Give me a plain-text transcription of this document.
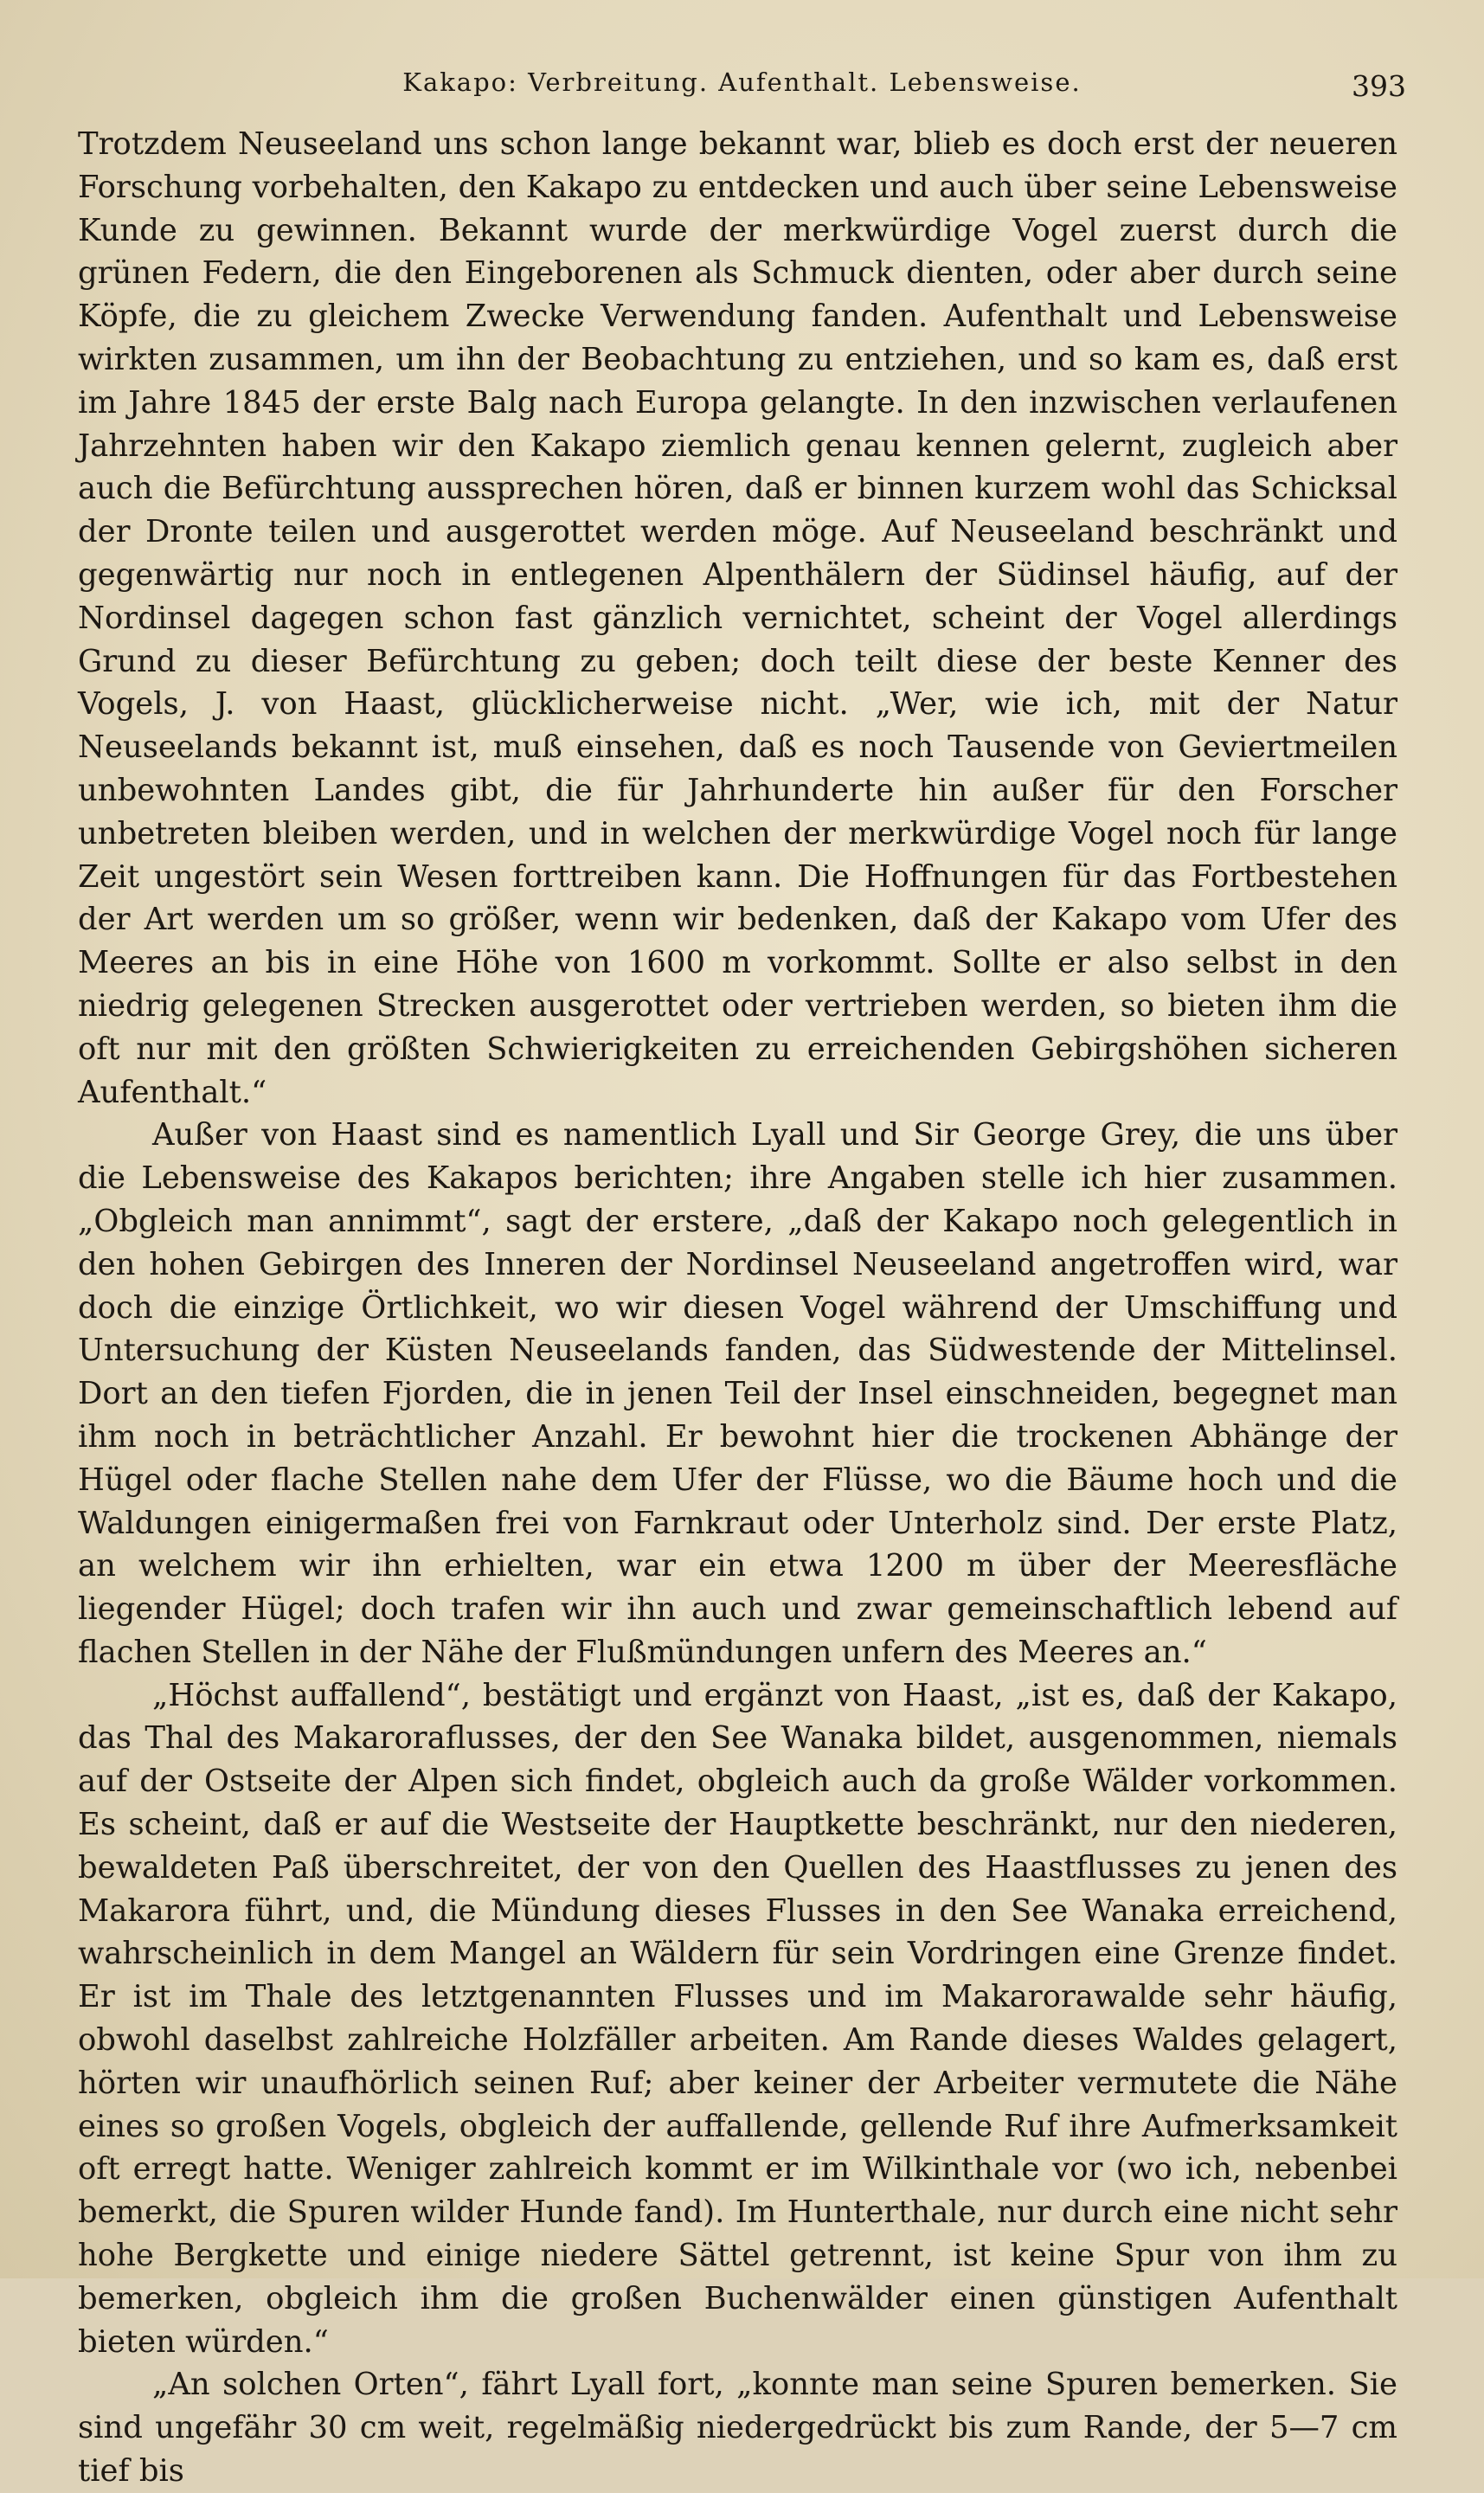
Kakapo: Verbreitung. Aufenthalt. Lebensweise.	393

Trotzdem Neuseeland uns schon lange bekannt war, blieb es doch erst der neueren Forschung vorbehalten, den Kakapo zu entdecken und auch über seine Lebensweise Kunde zu gewinnen. Bekannt wurde der merkwürdige Vogel zuerst durch die grünen Federn, die den Eingeborenen als Schmuck dienten, oder aber durch seine Köpfe, die zu gleichem Zwecke Verwendung fanden. Aufenthalt und Lebensweise wirkten zusammen, um ihn der Beobachtung zu entziehen, und so kam es, daß erst im Jahre 1845 der erste Balg nach Europa gelangte. In den inzwischen verlaufenen Jahrzehnten haben wir den Kakapo ziemlich genau kennen gelernt, zugleich aber auch die Befürchtung aussprechen hören, daß er binnen kurzem wohl das Schicksal der Dronte teilen und ausgerottet werden möge. Auf Neuseeland beschränkt und gegenwärtig nur noch in entlegenen Alpenthälern der Südinsel häufig, auf der Nordinsel dagegen schon fast gänzlich vernichtet, scheint der Vogel allerdings Grund zu dieser Befürchtung zu geben; doch teilt diese der beste Kenner des Vogels, J. von Haast, glücklicherweise nicht. „Wer, wie ich, mit der Natur Neuseelands bekannt ist, muß einsehen, daß es noch Tausende von Geviertmeilen unbewohnten Landes gibt, die für Jahrhunderte hin außer für den Forscher unbetreten bleiben werden, und in welchen der merkwürdige Vogel noch für lange Zeit ungestört sein Wesen forttreiben kann. Die Hoffnungen für das Fortbestehen der Art werden um so größer, wenn wir bedenken, daß der Kakapo vom Ufer des Meeres an bis in eine Höhe von 1600 m vorkommt. Sollte er also selbst in den niedrig gelegenen Strecken ausgerottet oder vertrieben werden, so bieten ihm die oft nur mit den größten Schwierigkeiten zu erreichenden Gebirgshöhen sicheren Aufenthalt.“

Außer von Haast sind es namentlich Lyall und Sir George Grey, die uns über die Lebensweise des Kakapos berichten; ihre Angaben stelle ich hier zusammen. „Obgleich man annimmt“, sagt der erstere, „daß der Kakapo noch gelegentlich in den hohen Gebirgen des Inneren der Nordinsel Neuseeland angetroffen wird, war doch die einzige Örtlichkeit, wo wir diesen Vogel während der Umschiffung und Untersuchung der Küsten Neuseelands fanden, das Südwestende der Mittelinsel. Dort an den tiefen Fjorden, die in jenen Teil der Insel einschneiden, begegnet man ihm noch in beträchtlicher Anzahl. Er bewohnt hier die trockenen Abhänge der Hügel oder flache Stellen nahe dem Ufer der Flüsse, wo die Bäume hoch und die Waldungen einigermaßen frei von Farnkraut oder Unterholz sind. Der erste Platz, an welchem wir ihn erhielten, war ein etwa 1200 m über der Meeresfläche liegender Hügel; doch trafen wir ihn auch und zwar gemeinschaftlich lebend auf flachen Stellen in der Nähe der Flußmündungen unfern des Meeres an.“

„Höchst auffallend“, bestätigt und ergänzt von Haast, „ist es, daß der Kakapo, das Thal des Makaroraflusses, der den See Wanaka bildet, ausgenommen, niemals auf der Ostseite der Alpen sich findet, obgleich auch da große Wälder vorkommen. Es scheint, daß er auf die Westseite der Hauptkette beschränkt, nur den niederen, bewaldeten Paß überschreitet, der von den Quellen des Haastflusses zu jenen des Makarora führt, und, die Mündung dieses Flusses in den See Wanaka erreichend, wahrscheinlich in dem Mangel an Wäldern für sein Vordringen eine Grenze findet. Er ist im Thale des letztgenannten Flusses und im Makarorawalde sehr häufig, obwohl daselbst zahlreiche Holzfäller arbeiten. Am Rande dieses Waldes gelagert, hörten wir unaufhörlich seinen Ruf; aber keiner der Arbeiter vermutete die Nähe eines so großen Vogels, obgleich der auffallende, gellende Ruf ihre Aufmerksamkeit oft erregt hatte. Weniger zahlreich kommt er im Wilkinthale vor (wo ich, nebenbei bemerkt, die Spuren wilder Hunde fand). Im Hunterthale, nur durch eine nicht sehr hohe Bergkette und einige niedere Sättel getrennt, ist keine Spur von ihm zu bemerken, obgleich ihm die großen Buchenwälder einen günstigen Aufenthalt bieten würden.“

„An solchen Orten“, fährt Lyall fort, „konnte man seine Spuren bemerken. Sie sind ungefähr 30 cm weit, regelmäßig niedergedrückt bis zum Rande, der 5—7 cm tief bis
